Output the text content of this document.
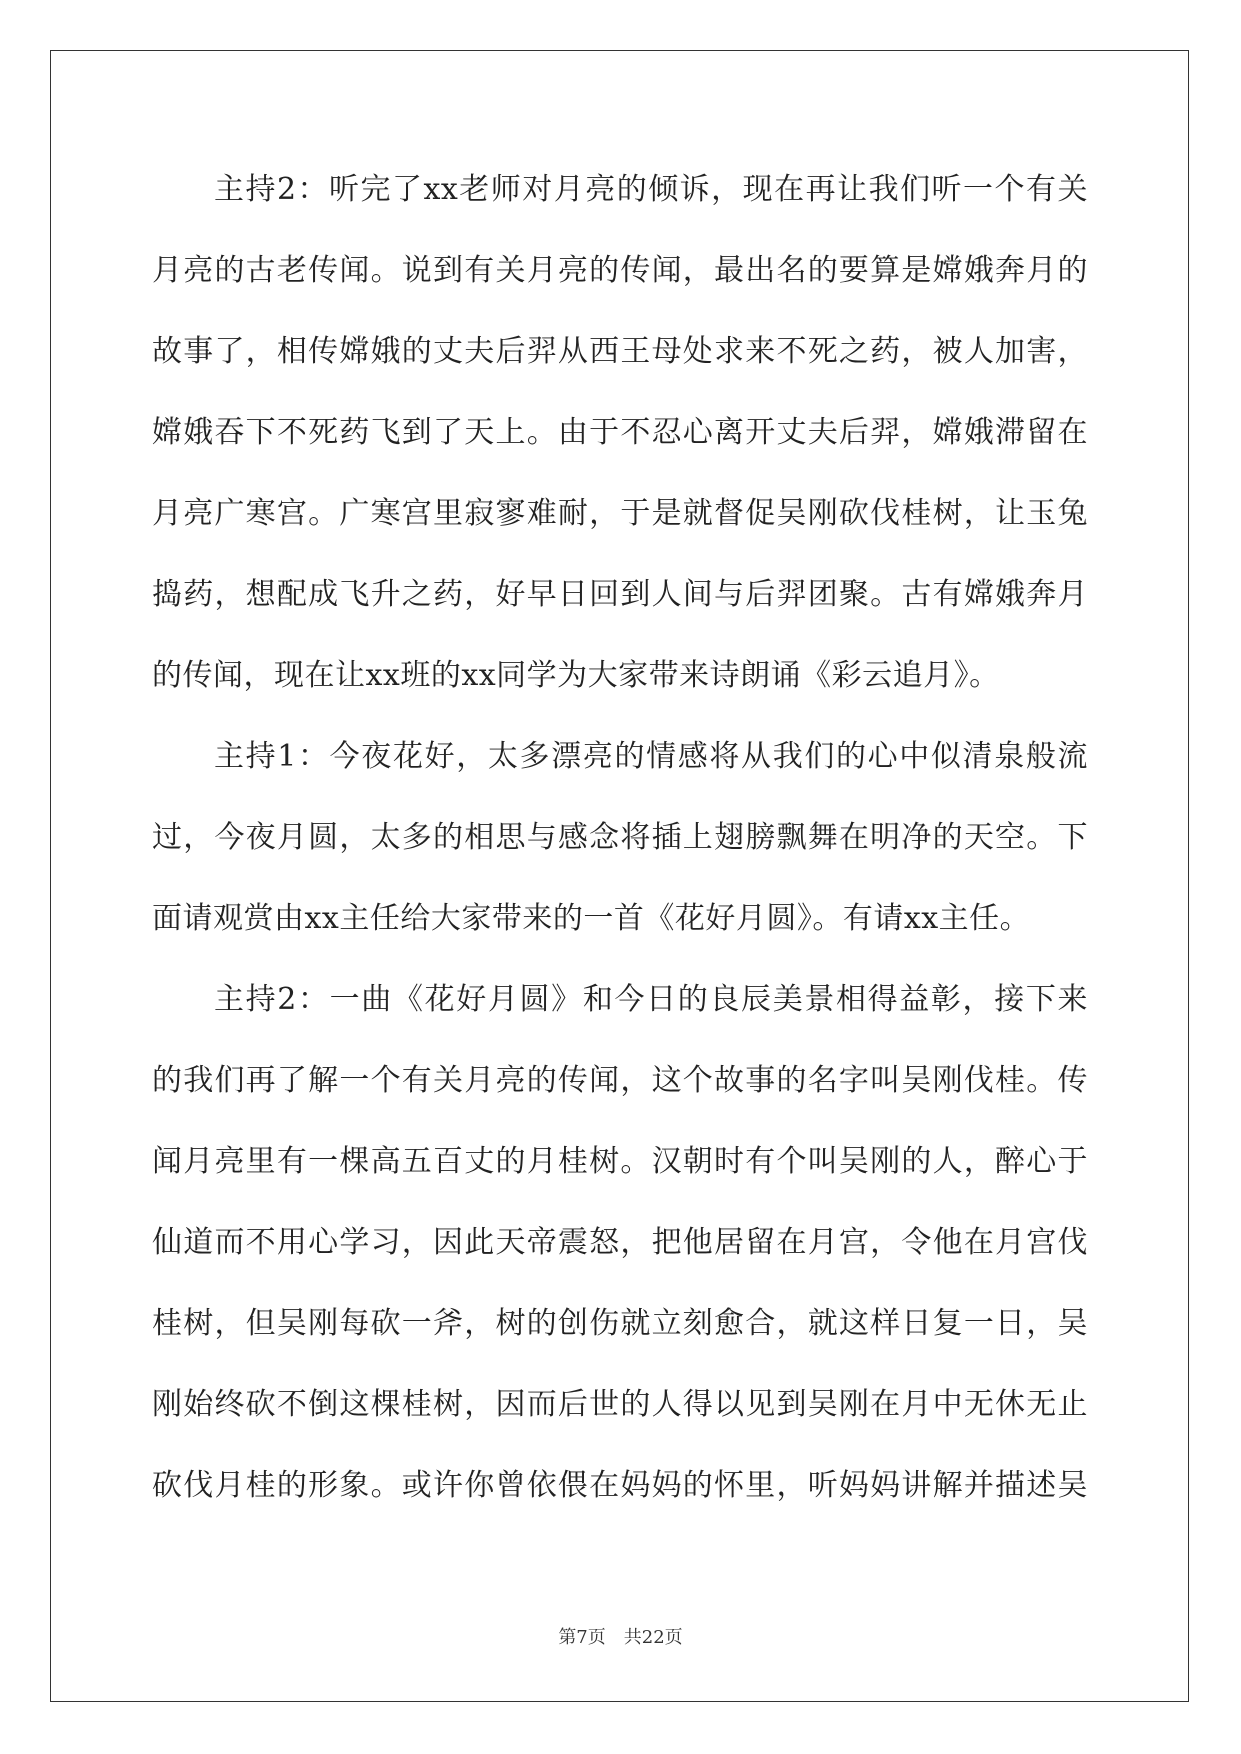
主持2：听完了xx老师对月亮的倾诉，现在再让我们听一个有关
月亮的古老传闻。说到有关月亮的传闻，最出名的要算是嫦娥奔月的
故事了，相传嫦娥的丈夫后羿从西王母处求来不死之药，被人加害，
嫦娥吞下不死药飞到了天上。由于不忍心离开丈夫后羿，嫦娥滞留在
月亮广寒宫。广寒宫里寂寥难耐，于是就督促吴刚砍伐桂树，让玉兔
捣药，想配成飞升之药，好早日回到人间与后羿团聚。古有嫦娥奔月
的传闻，现在让xx班的xx同学为大家带来诗朗诵《彩云追月》。
主持1：今夜花好，太多漂亮的情感将从我们的心中似清泉般流
过，今夜月圆，太多的相思与感念将插上翅膀飘舞在明净的天空。下
面请观赏由xx主任给大家带来的一首《花好月圆》。有请xx主任。
主持2：一曲《花好月圆》和今日的良辰美景相得益彰，接下来
的我们再了解一个有关月亮的传闻，这个故事的名字叫吴刚伐桂。传
闻月亮里有一棵高五百丈的月桂树。汉朝时有个叫吴刚的人，醉心于
仙道而不用心学习，因此天帝震怒，把他居留在月宫，令他在月宫伐
桂树，但吴刚每砍一斧，树的创伤就立刻愈合，就这样日复一日，吴
刚始终砍不倒这棵桂树，因而后世的人得以见到吴刚在月中无休无止
砍伐月桂的形象。或许你曾依偎在妈妈的怀里，听妈妈讲解并描述吴
第7页 共22页
